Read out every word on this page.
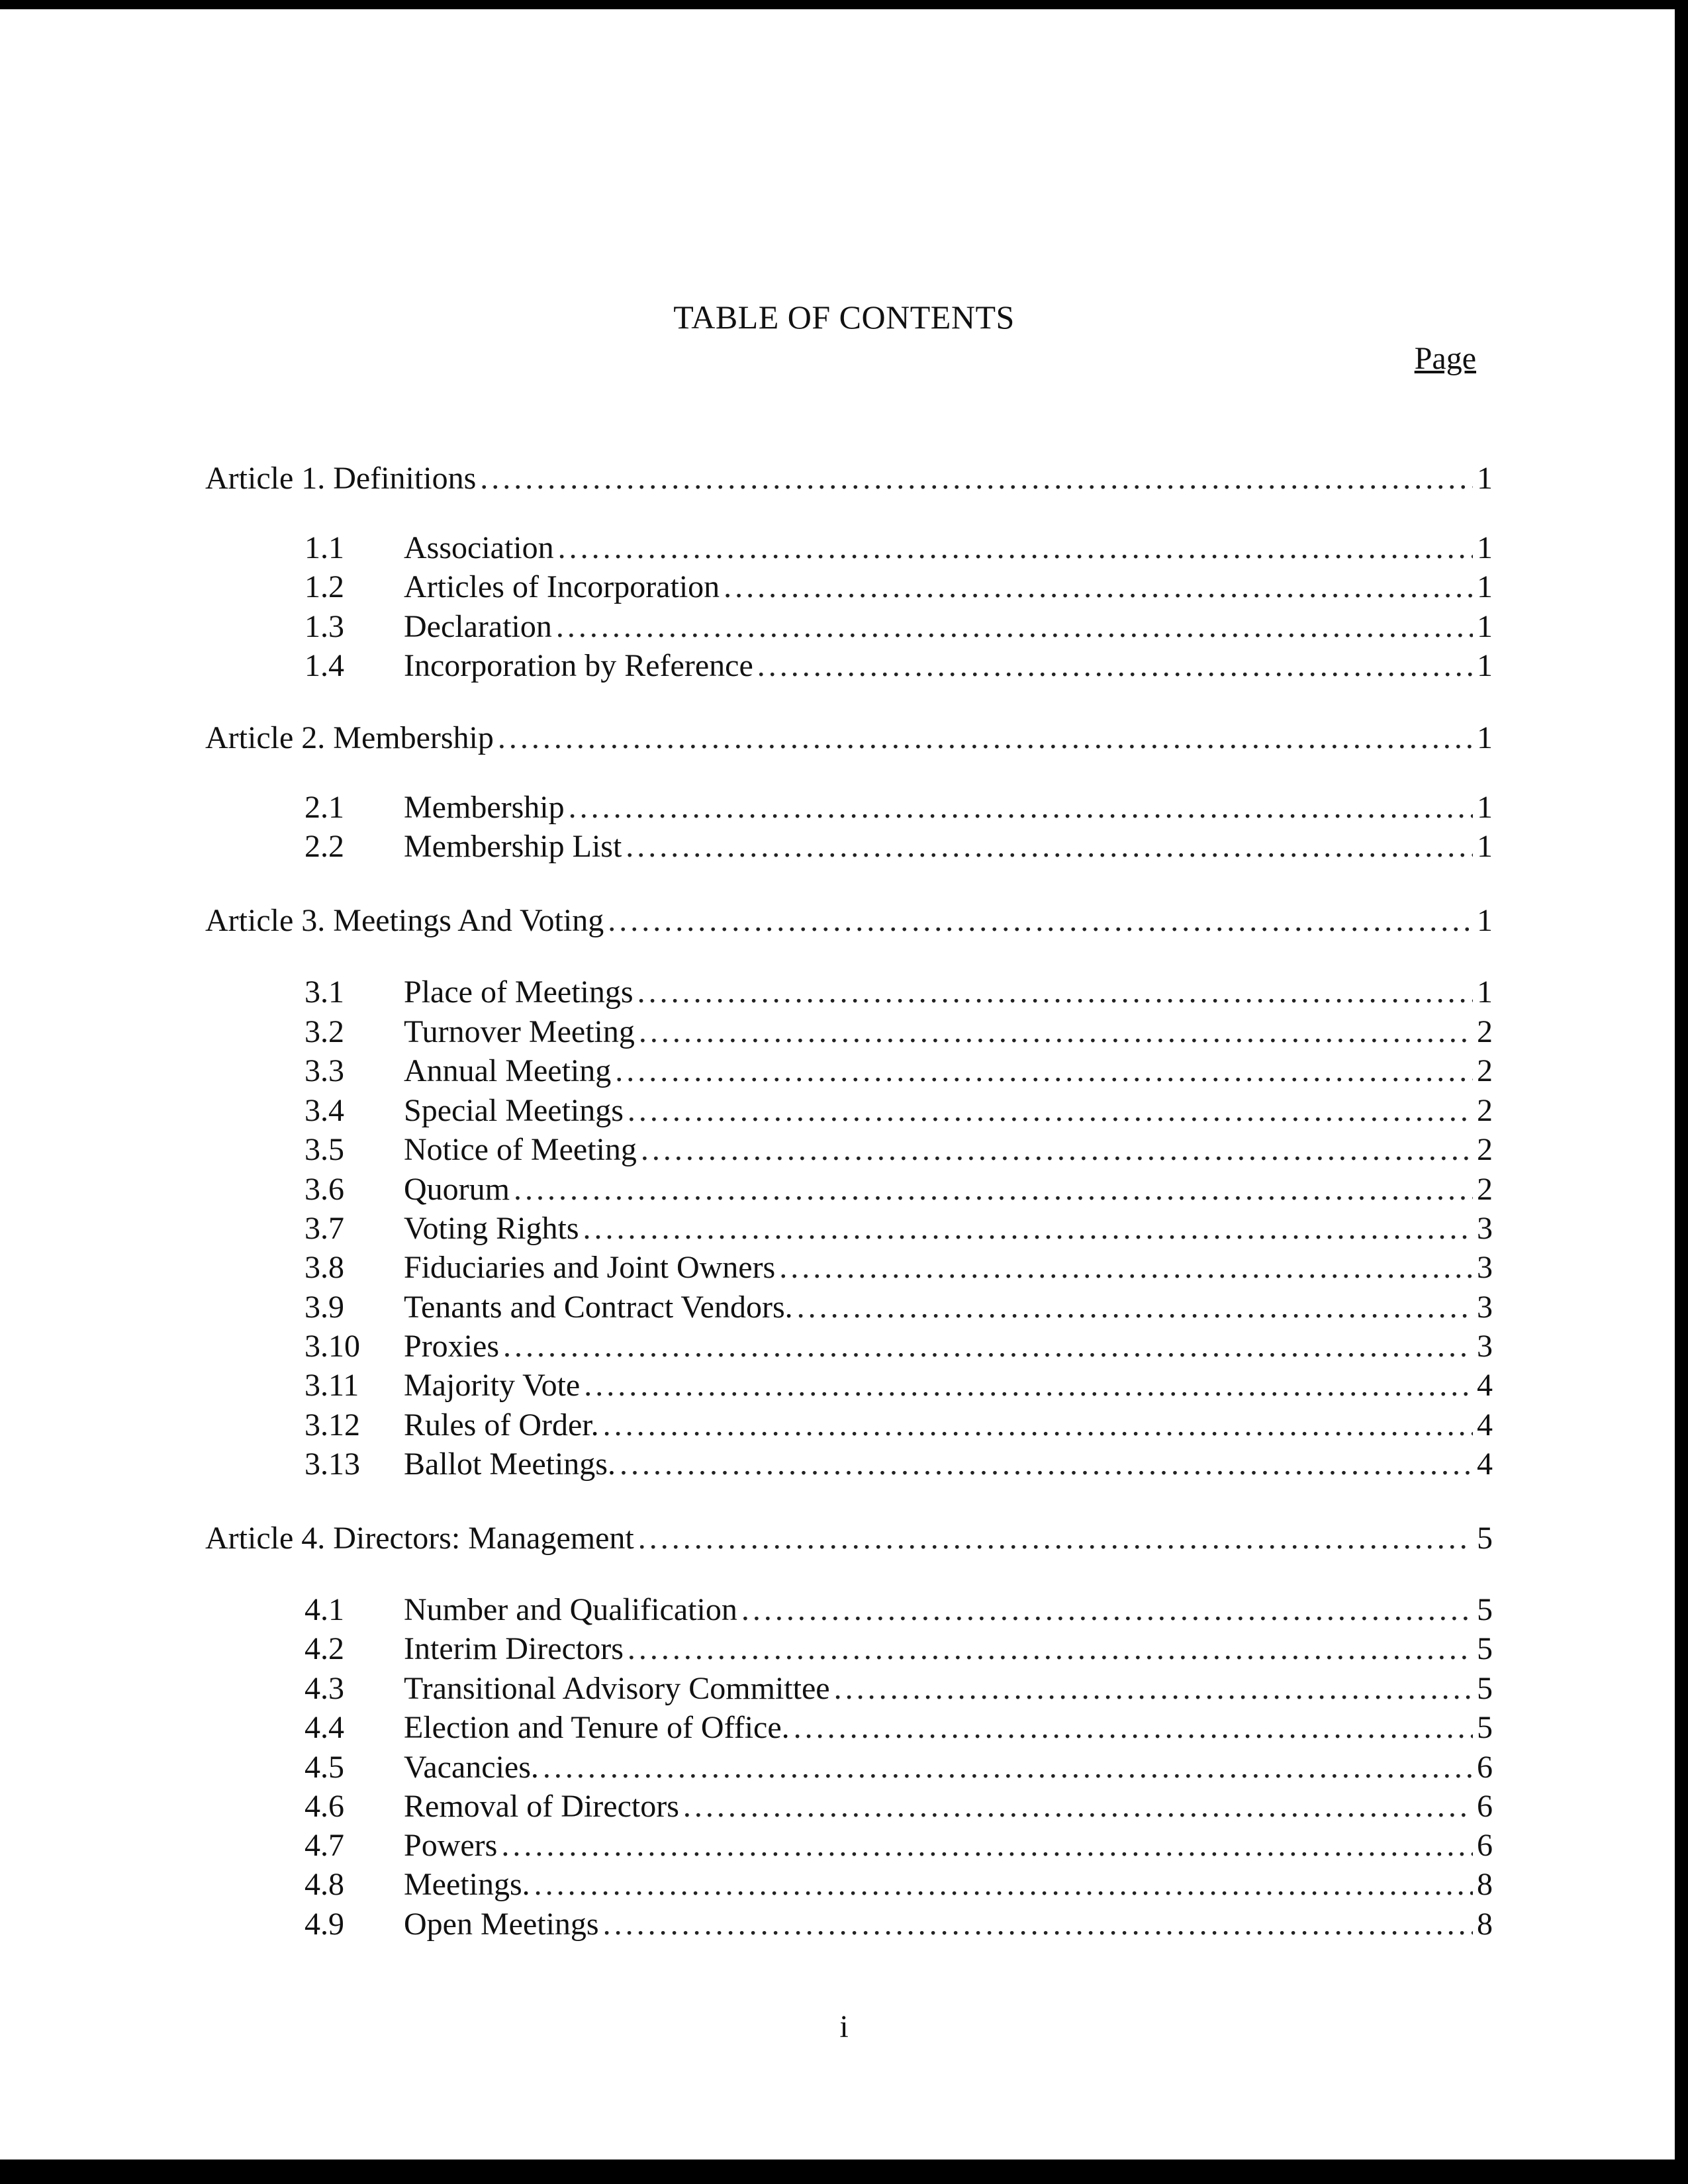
TABLE OF CONTENTS
Page
Article 1. Definitions .....	1
1.1	Association .....	1
1.2	Articles of Incorporation .....	1
1.3	Declaration .....	1
1.4	Incorporation by Reference .....	1
Article 2. Membership .....	1
2.1	Membership .....	1
2.2	Membership List .....	1
Article 3. Meetings And Voting .....	1
3.1	Place of Meetings .....	1
3.2	Turnover Meeting .....	2
3.3	Annual Meeting .....	2
3.4	Special Meetings .....	2
3.5	Notice of Meeting .....	2
3.6	Quorum .....	2
3.7	Voting Rights .....	3
3.8	Fiduciaries and Joint Owners .....	3
3.9	Tenants and Contract Vendors. .....	3
3.10	Proxies .....	3
3.11	Majority Vote .....	4
3.12	Rules of Order. .....	4
3.13	Ballot Meetings. .....	4
Article 4. Directors: Management .....	5
4.1	Number and Qualification .....	5
4.2	Interim Directors .....	5
4.3	Transitional Advisory Committee .....	5
4.4	Election and Tenure of Office. .....	5
4.5	Vacancies. .....	6
4.6	Removal of Directors .....	6
4.7	Powers .....	6
4.8	Meetings. .....	8
4.9	Open Meetings .....	8
i
